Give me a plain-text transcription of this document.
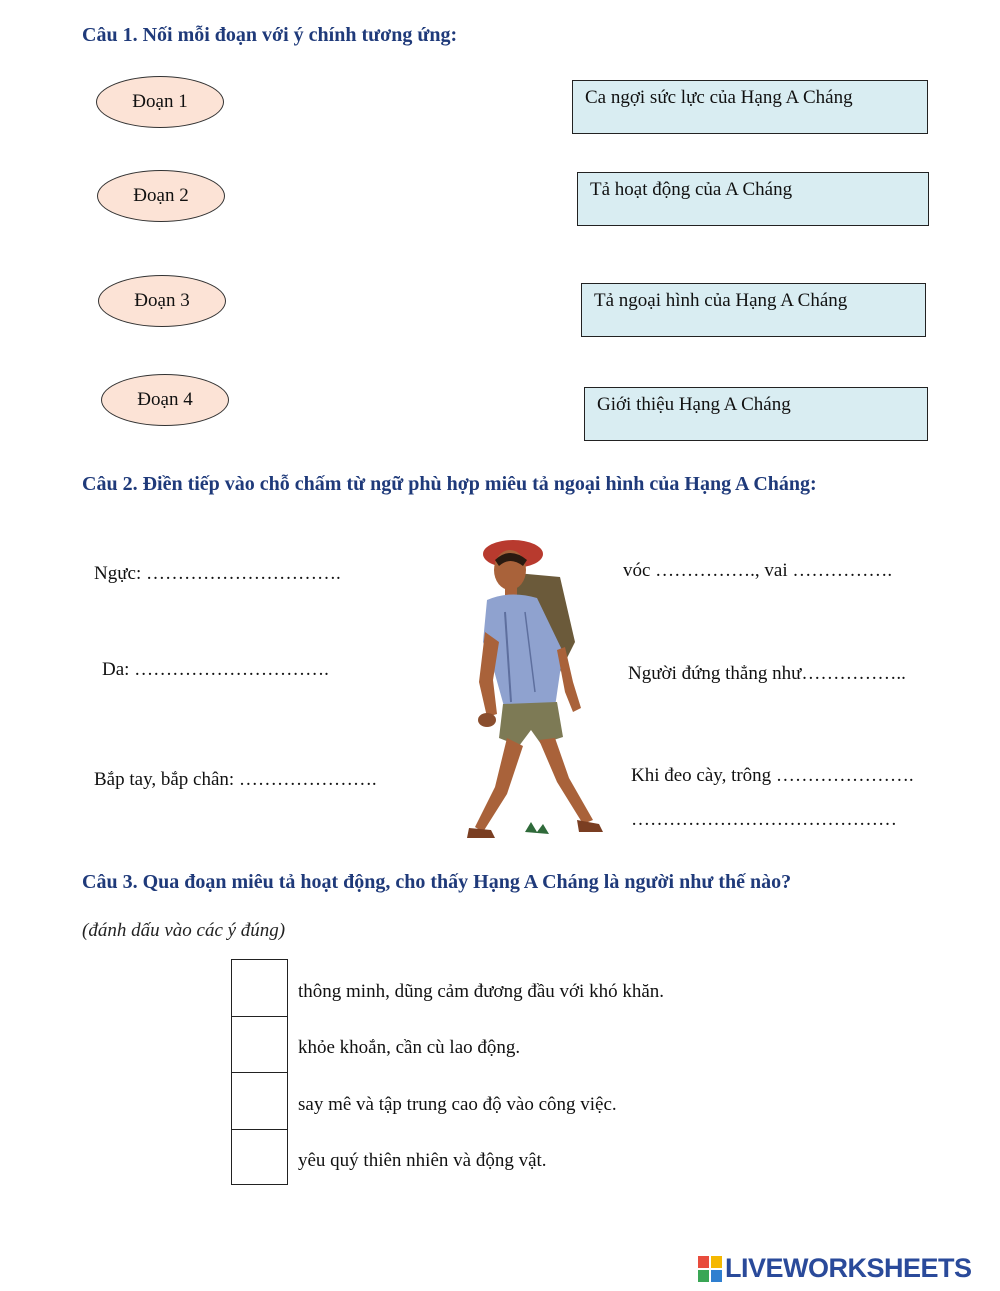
Câu 1. Nối mỗi đoạn với ý chính tương ứng:
Đoạn 1
Đoạn 2
Đoạn 3
Đoạn 4
Ca ngợi sức lực của Hạng A Cháng
Tả hoạt động của A Cháng
Tả ngoại hình của Hạng A Cháng
Giới thiệu Hạng A Cháng
Câu 2. Điền tiếp vào chỗ chấm từ ngữ phù hợp miêu tả ngoại hình của Hạng A Cháng:
Ngực: ………………………….
Da: ………………………….
Bắp tay, bắp chân: ………………….
vóc ……………., vai …………….
Người đứng thẳng như……………..
Khi đeo cày, trông ………………….
……………………………………
Câu 3. Qua đoạn miêu tả hoạt động, cho thấy Hạng A Cháng là người như thế nào?
(đánh dấu vào các ý đúng)
thông minh, dũng cảm đương đầu với khó khăn.
khỏe khoắn, cần cù lao động.
say mê và tập trung cao độ vào công việc.
yêu quý thiên nhiên và động vật.
LIVEWORKSHEETS
